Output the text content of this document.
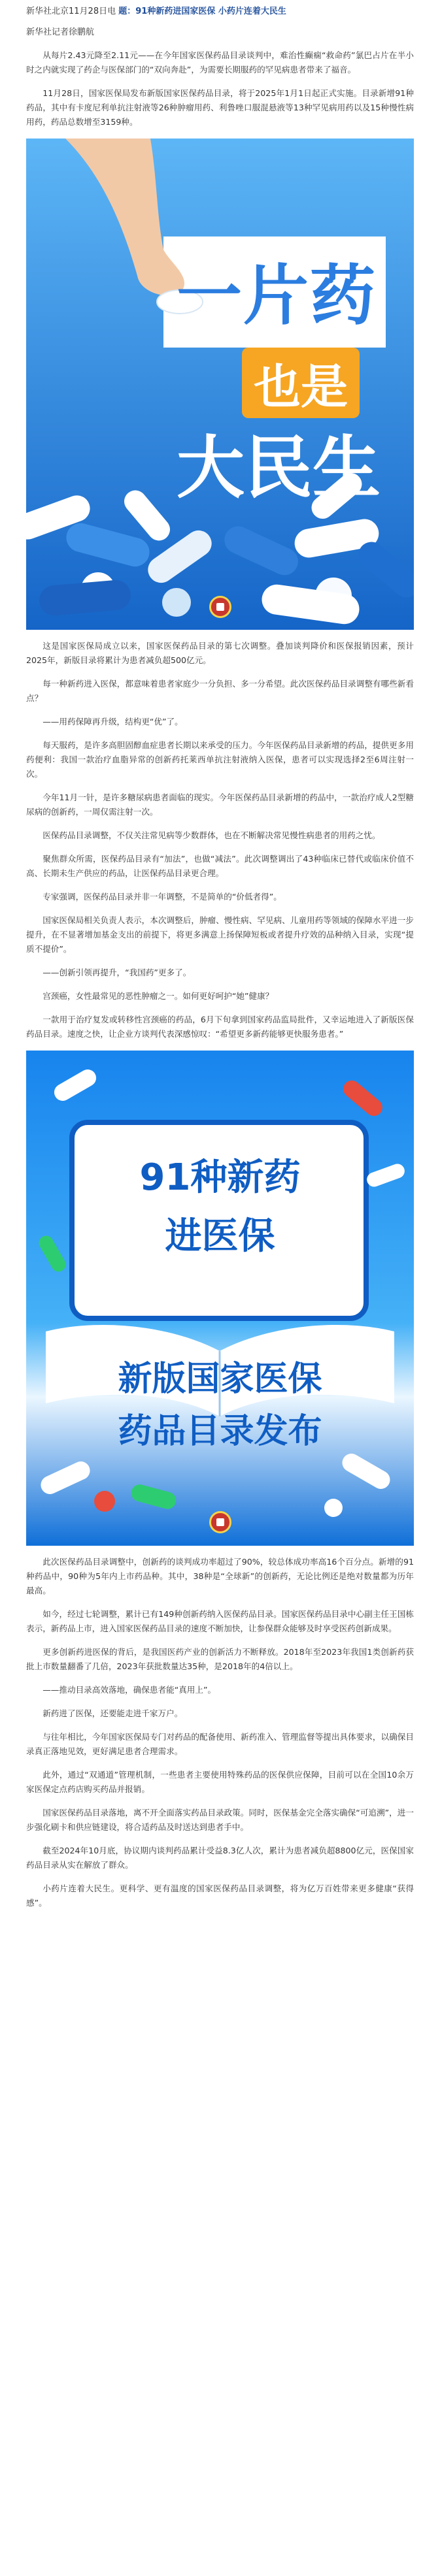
新华社北京11月28日电 题：91种新药进国家医保 小药片连着大民生
新华社记者徐鹏航

从每片2.43元降至2.11元——在今年国家医保药品目录谈判中，难治性癫痫“救命药”氯巴占片在半小时之内就实现了药企与医保部门的“双向奔赴”，为需要长期服药的罕见病患者带来了福音。

11月28日，国家医保局发布新版国家医保药品目录，将于2025年1月1日起正式实施。目录新增91种药品，其中有卡度尼利单抗注射液等26种肿瘤用药、利鲁唑口服混悬液等13种罕见病用药以及15种慢性病用药，药品总数增至3159种。

一片药
也是
大民生

这是国家医保局成立以来，国家医保药品目录的第七次调整。叠加谈判降价和医保报销因素，预计2025年，新版目录将累计为患者减负超500亿元。

每一种新药进入医保，都意味着患者家庭少一分负担、多一分希望。此次医保药品目录调整有哪些新看点？

——用药保障再升级，结构更“优”了。

每天服药，是许多高胆固醇血症患者长期以来承受的压力。今年医保药品目录新增的药品，提供更多用药便利：我国一款治疗血脂异常的创新药托莱西单抗注射液纳入医保，患者可以实现选择2至6周注射一次。

今年11月一针，是许多糖尿病患者面临的现实。今年医保药品目录新增的药品中，一款治疗成人2型糖尿病的创新药，一周仅需注射一次。

医保药品目录调整，不仅关注常见病等少数群体，也在不断解决常见慢性病患者的用药之忧。

聚焦群众所需，医保药品目录有“加法”，也做“减法”。此次调整调出了43种临床已替代或临床价值不高、长期未生产供应的药品，让医保药品目录更合理。

专家强调，医保药品目录并非一年调整，不是简单的“价低者得”。

国家医保局相关负责人表示，本次调整后，肿瘤、慢性病、罕见病、儿童用药等领域的保障水平进一步提升，在不显著增加基金支出的前提下，将更多满意上扬保障短板或者提升疗效的品种纳入目录，实现“提质不提价”。

——创新引领再提升，“我国药”更多了。

宫颈癌，女性最常见的恶性肿瘤之一。如何更好呵护“她”健康？

一款用于治疗复发或转移性宫颈癌的药品，6月下旬拿到国家药品监局批件，又幸运地进入了新版医保药品目录。速度之快，让企业方谈判代表深感惊叹：“希望更多新药能够更快服务患者。”

91种新药
进医保
新版国家医保
药品目录发布

此次医保药品目录调整中，创新药的谈判成功率超过了90%，较总体成功率高16个百分点。新增的91种药品中，90种为5年内上市药品种。其中，38种是“全球新”的创新药，无论比例还是绝对数量都为历年最高。

如今，经过七轮调整，累计已有149种创新药纳入医保药品目录。国家医保药品目录中心副主任王国栋表示，新药品上市，进入国家医保药品目录的速度不断加快，让参保群众能够及时享受医药创新成果。

更多创新药进医保的背后，是我国医药产业的创新活力不断释放。2018年至2023年我国1类创新药获批上市数量翻番了几倍，2023年获批数量达35种，是2018年的4倍以上。

——推动目录高效落地，确保患者能“真用上”。

新药进了医保，还要能走进千家万户。

与往年相比，今年国家医保局专门对药品的配备使用、新药准入、管理监督等提出具体要求，以确保目录真正落地见效，更好满足患者合理需求。

此外，通过“双通道”管理机制，一些患者主要使用特殊药品的医保供应保障，目前可以在全国10余万家医保定点药店购买药品并报销。

国家医保药品目录落地，离不开全面落实药品目录政策。同时，医保基金完全落实确保“可追溯”，进一步强化刷卡和供应链建设，将合适药品及时送达到患者手中。

截至2024年10月底，协议期内谈判药品累计受益8.3亿人次，累计为患者减负超8800亿元，医保国家药品目录从实在解放了群众。

小药片连着大民生。更科学、更有温度的国家医保药品目录调整，将为亿万百姓带来更多健康“获得感”。
